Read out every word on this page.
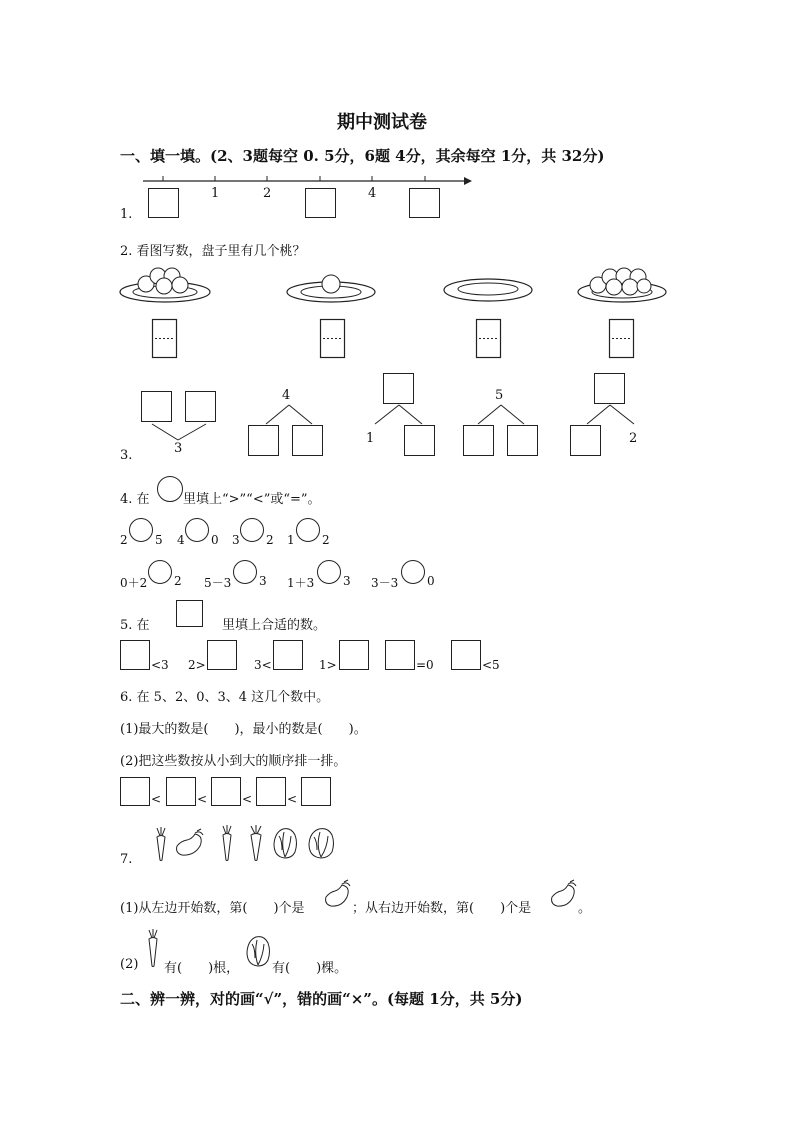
期中测试卷
一、填一填。(2、3题每空 0. 5分，6题 4分，其余每空 1分，共 32分)
1.
1	2	4
2. 看图写数，盘子里有几个桃？
3.	3
4
1
5
2
4. 在	里填上“>”“<”或“=”。
2 5 4 0 3 2 1 2
0＋2 2 5－3 3 1＋3 3 3－3 0
5. 在	里填上合适的数。
<3 2>	3<	1>	=0	<5
6. 在 5、2、0、3、4 这几个数中。
(1)最大的数是(　　)，最小的数是(　　)。
(2)把这些数按从小到大的顺序排一排。
<	<	<	<
7.
(1)从左边开始数，第(　　)个是	；从右边开始数，第(　　)个是	。
(2) 有(　　)根，	有(　　)棵。
二、辨一辨，对的画“√”，错的画“×”。(每题 1分，共 5分)
